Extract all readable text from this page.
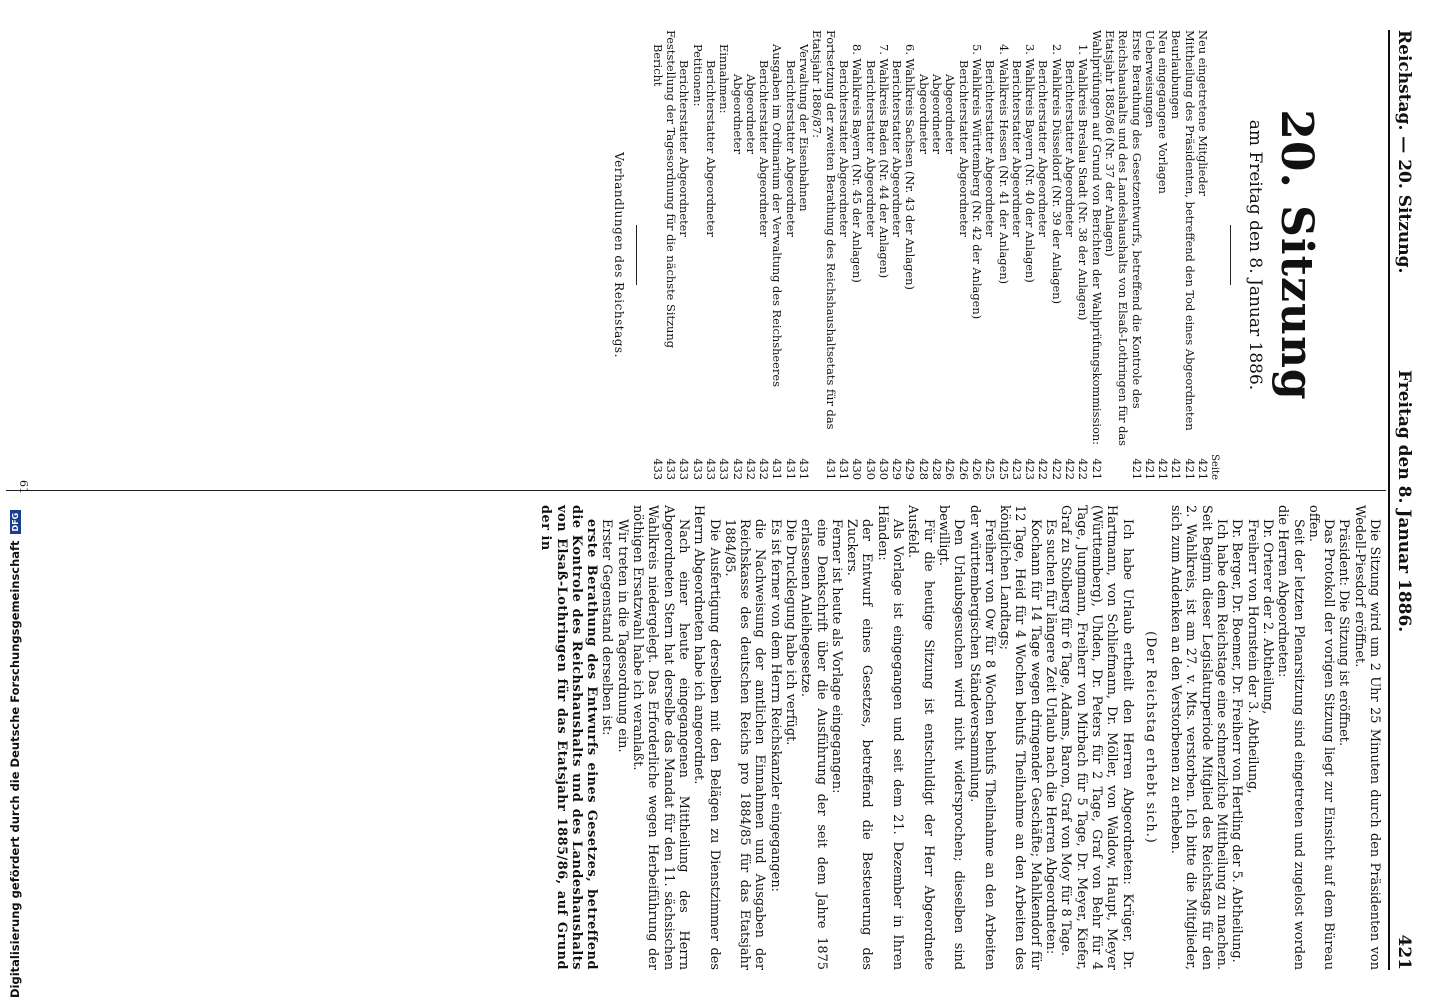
Reichstag. — 20. Sitzung.
Freitag den 8. Januar 1886.
421
20. Sitzung
am Freitag den 8. Januar 1886.
Seite
Neu eingetretene Mitglieder
421
Mittheilung des Präsidenten, betreffend den Tod eines Abgeordneten
421
Beurlaubungen
421
Neu eingegangene Vorlagen
421
Ueberweisungen
421
Erste Berathung des Gesetzentwurfs, betreffend die Kontrole des Reichshaushalts und des Landeshaushalts von Elsaß-Lothringen für das Etatsjahr 1885/86 (Nr. 37 der Anlagen)
421
Wahlprüfungen auf Grund von Berichten der Wahlprüfungskommission:
421
1. Wahlkreis Breslau Stadt (Nr. 38 der Anlagen)
422
Berichterstatter Abgeordneter
422
2. Wahlkreis Düsseldorf (Nr. 39 der Anlagen)
422
Berichterstatter Abgeordneter
422
3. Wahlkreis Bayern (Nr. 40 der Anlagen)
423
Berichterstatter Abgeordneter
423
4. Wahlkreis Hessen (Nr. 41 der Anlagen)
425
Berichterstatter Abgeordneter
425
5. Wahlkreis Württemberg (Nr. 42 der Anlagen)
426
Berichterstatter Abgeordneter
426
Abgeordneter
426
Abgeordneter
428
Abgeordneter
428
6. Wahlkreis Sachsen (Nr. 43 der Anlagen)
429
Berichterstatter Abgeordneter
429
7. Wahlkreis Baden (Nr. 44 der Anlagen)
430
Berichterstatter Abgeordneter
430
8. Wahlkreis Bayern (Nr. 45 der Anlagen)
430
Berichterstatter Abgeordneter
431
Fortsetzung der zweiten Berathung des Reichshaushaltsetats für das Etatsjahr 1886/87:
431
Verwaltung der Eisenbahnen
431
Berichterstatter Abgeordneter
431
Ausgaben im Ordinarium der Verwaltung des Reichsheeres
431
Berichterstatter Abgeordneter
432
Abgeordneter
432
Abgeordneter
432
Einnahmen:
433
Berichterstatter Abgeordneter
433
Petitionen:
433
Berichterstatter Abgeordneter
433
Feststellung der Tagesordnung für die nächste Sitzung
433
Bericht
433
Verhandlungen des Reichstags.

Die Sitzung wird um 2 Uhr 25 Minuten durch den Präsidenten von Wedell-Piesdorf eröffnet.

Präsident: Die Sitzung ist eröffnet.

Das Protokoll der vorigen Sitzung liegt zur Einsicht auf dem Büreau offen.

Seit der letzten Plenarsitzung sind eingetreten und zugelost worden die Herren Abgeordneten:

Dr. Orterer der 2. Abtheilung,

Freiherr von Hornstein der 3. Abtheilung,

Dr. Berger, Dr. Boemer, Dr. Freiherr von Hertling der 5. Abtheilung.

Ich habe dem Reichstage eine schmerzliche Mittheilung zu machen. Seit Beginn dieser Legislaturperiode Mitglied des Reichstags für den 2. Wahlkreis, ist am 27. v. Mts. verstorben. Ich bitte die Mitglieder, sich zum Andenken an den Verstorbenen zu erheben.

(Der Reichstag erhebt sich.)

Ich habe Urlaub ertheilt den Herren Abgeordneten: Krüger, Dr. Hartmann, von Schliefmann, Dr. Möller, von Waldow, Haupt, Meyer (Württemberg), Uhden, Dr. Peters für 2 Tage, Graf von Behr für 4 Tage, Jungmann, Freiherr von Mirbach für 5 Tage, Dr. Meyer, Kiefer, Graf zu Stolberg für 6 Tage, Adams, Baron, Graf von Moy für 8 Tage.

Es suchen für längere Zeit Urlaub nach die Herren Abgeordneten:

Kochann für 14 Tage wegen dringender Geschäfte; Mahlkendorf für 12 Tage, Heid für 4 Wochen behufs Theilnahme an den Arbeiten des königlichen Landtags;

Freiherr von Ow für 8 Wochen behufs Theilnahme an den Arbeiten der württembergischen Ständeversammlung.

Den Urlaubsgesuchen wird nicht widersprochen; dieselben sind bewilligt.

Für die heutige Sitzung ist entschuldigt der Herr Abgeordnete Ausfeld.

Als Vorlage ist eingegangen und seit dem 21. Dezember in Ihren Händen:

der Entwurf eines Gesetzes, betreffend die Besteuerung des Zuckers.

Ferner ist heute als Vorlage eingegangen:

eine Denkschrift über die Ausführung der seit dem Jahre 1875 erlassenen Anleihegesetze.

Die Drucklegung habe ich verfügt.

Es ist ferner von dem Herrn Reichskanzler eingegangen:

die Nachweisung der amtlichen Einnahmen und Ausgaben der Reichskasse des deutschen Reichs pro 1884/85 für das Etatsjahr 1884/85.

Die Ausfertigung derselben mit den Belägen zu Dienstzimmer des Herrn Abgeordneten habe ich angeordnet.

Nach einer heute eingegangenen Mittheilung des Herrn Abgeordneten Stern hat derselbe das Mandat für den 11. sächsischen Wahlkreis niedergelegt. Das Erforderliche wegen Herbeiführung der nöthigen Ersatzwahl habe ich veranlaßt.

Wir treten in die Tagesordnung ein.

Erster Gegenstand derselben ist:

erste Berathung des Entwurfs eines Gesetzes, betreffend die Kontrole des Reichshaushalts und des Landeshaushalts von Elsaß-Lothringen für das Etatsjahr 1885/86, auf Grund der in

61
Digitalisierung gefördert durch die Deutsche Forschungsgemeinschaft
DFG
